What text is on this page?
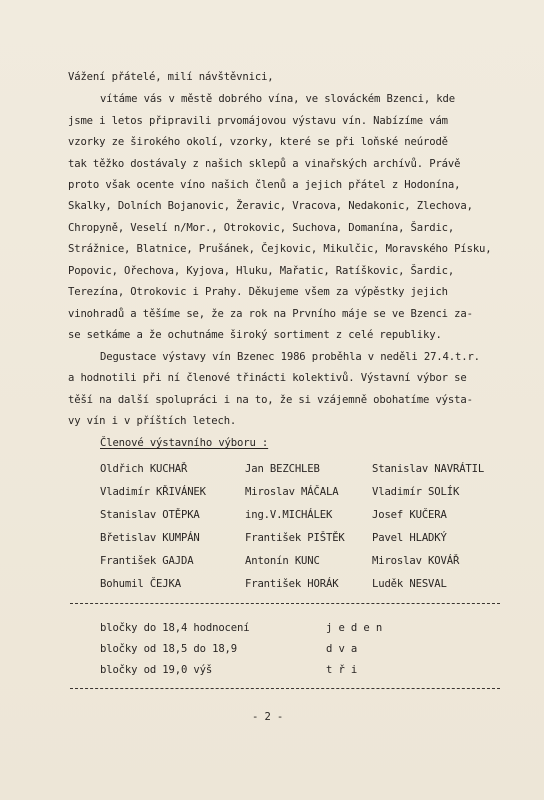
Vážení přátelé, milí návštěvnici,
vítáme vás v městě dobrého vína, ve slováckém Bzenci, kde
jsme i letos připravili prvomájovou výstavu vín. Nabízíme vám
vzorky ze širokého okolí, vzorky, které se při loňské neúrodě
tak těžko dostávaly z našich sklepů a vinařských archívů. Právě
proto však ocente víno našich členů a jejich přátel z Hodonína,
Skalky, Dolních Bojanovic, Žeravic, Vracova, Nedakonic, Zlechova,
Chropyně, Veselí n/Mor., Otrokovic, Suchova, Domanína, Šardic,
Strážnice, Blatnice, Prušánek, Čejkovic, Mikulčic, Moravského Písku,
Popovic, Ořechova, Kyjova, Hluku, Mařatic, Ratíškovic, Šardic,
Terezína, Otrokovic i Prahy. Děkujeme všem za výpěstky jejich
vinohradů a těšíme se, že za rok na Prvního máje se ve Bzenci za-
se setkáme a že ochutnáme široký sortiment z celé republiky.
Degustace výstavy vín Bzenec 1986 proběhla v neděli 27.4.t.r.
a hodnotili při ní členové třinácti kolektivů. Výstavní výbor se
těší na další spolupráci i na to, že si vzájemně obohatíme výsta-
vy vín i v příštích letech.
Členové výstavního výboru :
Oldřich KUCHAŘ	Jan BEZCHLEB	Stanislav NAVRÁTIL
Vladimír KŘIVÁNEK	Miroslav MÁČALA	Vladimír SOLÍK
Stanislav OTĚPKA	ing.V.MICHÁLEK	Josef KUČERA
Břetislav KUMPÁN	František PIŠTĚK	Pavel HLADKÝ
František GAJDA	Antonín KUNC	Miroslav KOVÁŘ
Bohumil ČEJKA	František HORÁK	Luděk NESVAL
bločky do 18,4 hodnocení	j e d e n
bločky od 18,5 do 18,9	d v a
bločky od 19,0 výš	t ř i
- 2 -
